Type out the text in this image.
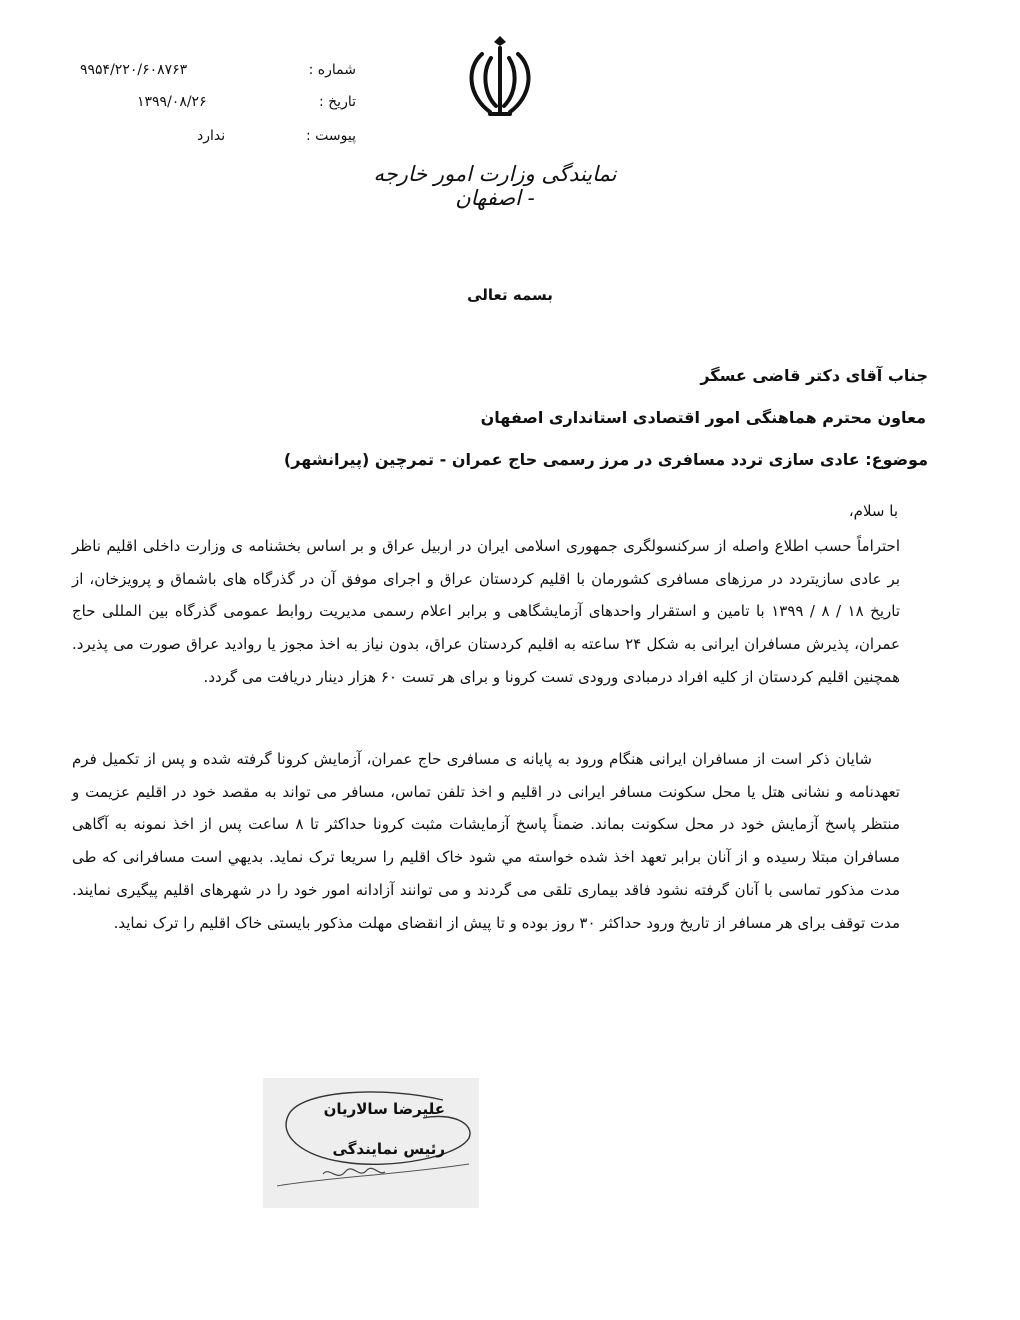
۹۹۵۴/۲۲۰/۶۰۸۷۶۳	شماره :
۱۳۹۹/۰۸/۲۶	تاریخ :
ندارد	پیوست :
نمایندگی وزارت امور خارجه - اصفهان
بسمه تعالی
جناب آقای دکتر قاضی عسگر
معاون محترم هماهنگی امور اقتصادی استانداری اصفهان
موضوع: عادی سازی تردد مسافری در مرز رسمی حاج عمران - تمرچین (پیرانشهر)
با سلام،
احتراماً حسب اطلاع واصله از سرکنسولگری جمهوری اسلامی ایران در اربیل عراق و بر اساس بخشنامه ی وزارت داخلی اقلیم ناظر بر عادی سازیتردد در مرزهای مسافری کشورمان با اقلیم کردستان عراق و اجرای موفق آن در گذرگاه های باشماق و پرویزخان، از تاریخ ۱۸ / ۸ / ۱۳۹۹ با تامین و استقرار واحدهای آزمایشگاهی و برابر اعلام رسمی مدیریت روابط عمومی گذرگاه بین المللی حاج عمران، پذیرش مسافران ایرانی به شکل ۲۴ ساعته به اقلیم کردستان عراق، بدون نیاز به اخذ مجوز یا روادید عراق صورت می پذیرد. همچنین اقلیم کردستان از کلیه افراد درمبادی ورودی تست کرونا و برای هر تست ۶۰ هزار دینار دریافت می گردد.
شایان ذکر است از مسافران ایرانی هنگام ورود به پایانه ی مسافری حاج عمران، آزمایش کرونا گرفته شده و پس از تکمیل فرم تعهدنامه و نشانی هتل یا محل سکونت مسافر ایرانی در اقلیم و اخذ تلفن تماس، مسافر می تواند به مقصد خود در اقلیم عزیمت و منتظر پاسخ آزمایش خود در محل سکونت بماند. ضمناً پاسخ آزمایشات مثبت کرونا حداکثر تا ۸ ساعت پس از اخذ نمونه به آگاهی مسافران مبتلا رسیده و از آنان برابر تعهد اخذ شده خواسته مي شود خاک اقلیم را سریعا ترک نماید. بدیهي است مسافرانی که طی مدت مذکور تماسی با آنان گرفته نشود فاقد بیماری تلقی می گردند و می توانند آزادانه امور خود را در شهرهای اقلیم پیگیری نمایند. مدت توقف برای هر مسافر از تاریخ ورود حداکثر ۳۰ روز بوده و تا پیش از انقضای مهلت مذکور بایستی خاک اقلیم را ترک نماید.
علیرضا سالاریان
رئیس نمایندگی
